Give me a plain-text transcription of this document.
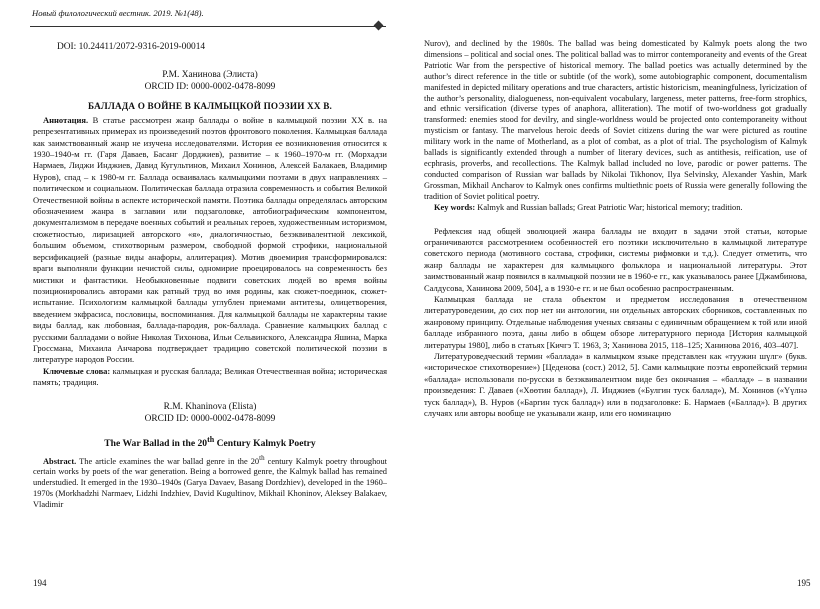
Новый филологический вестник. 2019. №1(48).

DOI: 10.24411/2072-9316-2019-00014

Р.М. Ханинова (Элиста)

ORCID ID: 0000-0002-0478-8099

БАЛЛАДА О ВОЙНЕ В КАЛМЫЦКОЙ ПОЭЗИИ ХХ В.

Аннотация. В статье рассмотрен жанр баллады о войне в калмыцкой поэзии ХХ в. на репрезентативных примерах из произведений поэтов фронтового поколения. Калмыцкая баллада как заимствованный жанр не изучена исследователями. История ее возникновения относится к 1930–1940-м гг. (Гаря Даваев, Басанг Дорджиев), развитие – к 1960–1970-м гг. (Морхадзи Нармаев, Лиджи Инджиев, Давид Кугультинов, Михаил Хонинов, Алексей Балакаев, Владимир Нуров), спад – к 1980-м гг. Баллада осваивалась калмыцкими поэтами в двух направлениях – политическом и социальном. Политическая баллада отразила современность и события Великой Отечественной войны в аспекте исторической памяти. Поэтика баллады определялась авторским обозначением жанра в заглавии или подзаголовке, автобиографическим компонентом, документализмом в передаче военных событий и реальных героев, художественным историзмом, сюжетностью, лиризацией авторского «я», диалогичностью, безэквивалентной лексикой, большим объемом, стихотворным размером, свободной формой строфики, национальной версификацией (разные виды анафоры, аллитерация). Мотив двоемирия трансформировался: враги выполняли функции нечистой силы, одномирие проецировалось на современность без мистики и фантастики. Необыкновенные подвиги советских людей во время войны позиционировались авторами как ратный труд во имя родины, как сюжет-поединок, сюжет-испытание. Психологизм калмыцкой баллады углублен приемами антитезы, олицетворения, введением экфрасиса, пословицы, воспоминания. Для калмыцкой баллады не характерны такие виды баллад, как любовная, баллада-пародия, рок-баллада. Сравнение калмыцких баллад с русскими балладами о войне Николая Тихонова, Ильи Сельвинского, Александра Яшина, Марка Гроссмана, Михаила Анчарова подтверждает традицию советской политической поэзии в литературе народов России.

Ключевые слова: калмыцкая и русская баллада; Великая Отечественная война; историческая память; традиция.

R.M. Khaninova (Elista)

ORCID ID: 0000-0002-0478-8099

The War Ballad in the 20th Century Kalmyk Poetry

Abstract. The article examines the war ballad genre in the 20th century Kalmyk poetry throughout certain works by poets of the war generation. Being a borrowed genre, the Kalmyk ballad has remained understudied. It emerged in the 1930–1940s (Garya Davaev, Basang Dordzhiev), developed in the 1960–1970s (Morkhadzhi Narmaev, Lidzhi Indzhiev, David Kugultinov, Mikhail Khoninov, Aleksey Balakaev, Vladimir

194

Nurov), and declined by the 1980s. The ballad was being domesticated by Kalmyk poets along the two dimensions – political and social ones. The political ballad was to mirror contemporaneity and events of the Great Patriotic War from the perspective of historical memory. The ballad poetics was actually determined by the author’s direct reference in the title or subtitle (of the work), some autobiographic component, documentalism manifested in depicted military operations and true characters, artistic historicism, meaningfulness, lyricization of the author’s personality, dialogueness, non-equivalent vocabulary, largeness, meter patterns, free-form strophics, and ethnic versification (diverse types of anaphora, alliteration). The motif of two-worldness got gradually transformed: enemies stood for devilry, and single-worldness would be projected onto contemporaneity without mysticism or fantasy. The marvelous heroic deeds of Soviet citizens during the war were pictured as routine military work in the name of Motherland, as a plot of combat, as a plot of trial. The psychologism of Kalmyk ballads is significantly extended through a number of literary devices, such as antithesis, reification, use of ecphrasis, proverbs, and recollections. The Kalmyk ballad included no love, parodic or power patterns. The conducted comparison of Russian war ballads by Nikolai Tikhonov, Ilya Selvinsky, Alexander Yashin, Mark Grossman, Mikhail Ancharov to Kalmyk ones confirms multiethnic poets of Russia were generally following the tradition of Soviet political poetry.

Key words: Kalmyk and Russian ballads; Great Patriotic War; historical memory; tradition.

Рефлексия над общей эволюцией жанра баллады не входит в задачи этой статьи, которые ограничиваются рассмотрением особенностей его поэтики исключительно в калмыцкой литературе советского периода (мотивного состава, строфики, системы рифмовки и т.д.). Следует отметить, что жанр баллады не характерен для калмыцкого фольклора и национальной литературы. Этот заимствованный жанр появился в калмыцкой поэзии не в 1960-е гг., как указывалось ранее [Джамбинова, Салдусова, Ханинова 2009, 504], а в 1930-е гг. и не был особенно распространенным.

Калмыцкая баллада не стала объектом и предметом исследования в отечественном литературоведении, до сих пор нет ни антологии, ни отдельных авторских сборников, составленных по жанровому принципу. Отдельные наблюдения ученых связаны с единичным обращением к той или иной балладе избранного поэта, даны либо в общем обзоре литературного периода [История калмыцкой литературы 1980], либо в статьях [Кичгэ Т. 1963, 3; Ханинова 2015, 118–125; Ханинова 2016, 403–407].

Литературоведческий термин «баллада» в калмыцком языке представлен как «туужин шүлг» (букв. «историческое стихотворение») [Цеденова (сост.) 2012, 5]. Сами калмыцкие поэты европейский термин «баллада» использовали по-русски в безэквивалентном виде без окончания – «баллад» – в названии произведения: Г. Даваев («Хөөтин баллад»), Л. Инджиев («Булгин туск баллад»), М. Хонинов («Үүлнә туск баллад»), В. Нуров («Баргин туск баллад») или в подзаголовке: Б. Нармаев («Баллад»). В других случаях или авторы вообще не указывали жанр, или его номинацию

195
